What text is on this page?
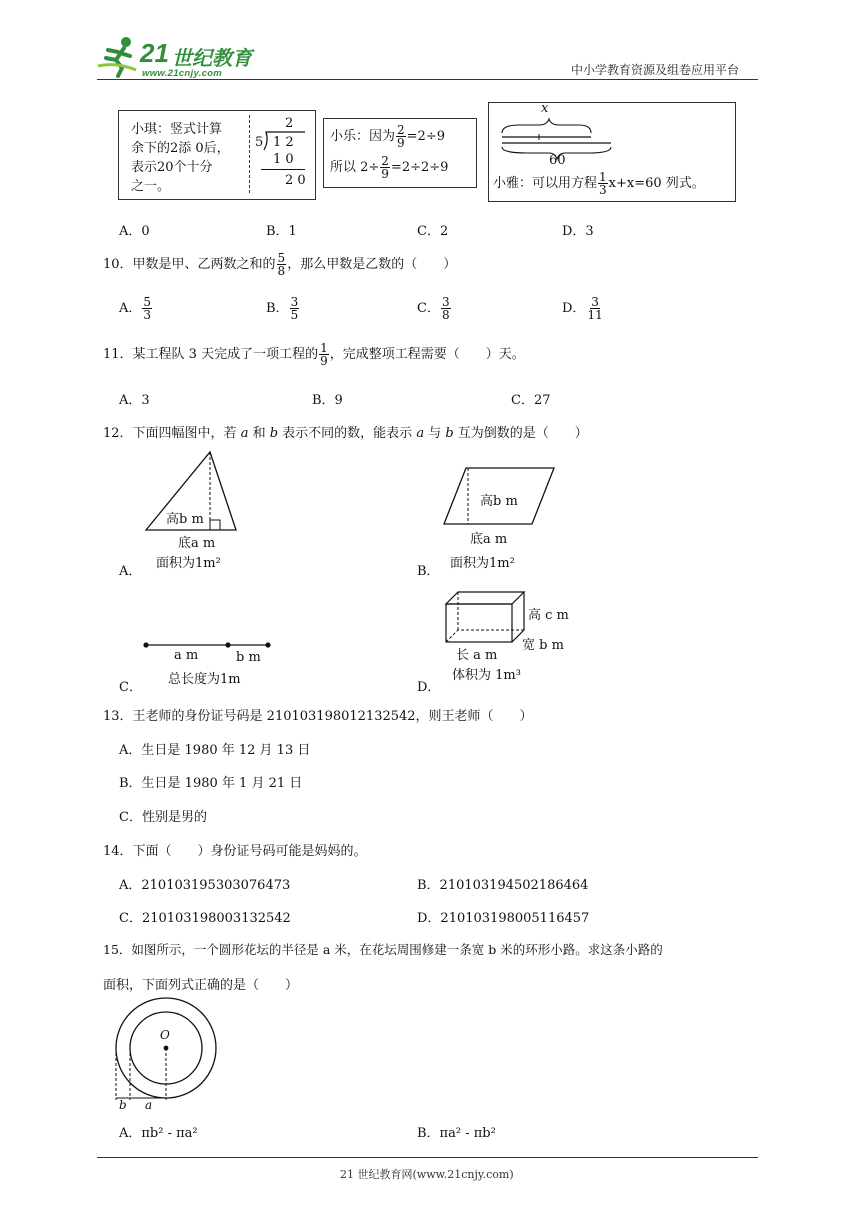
21 世纪教育
www.21cnjy.com	中小学教育资源及组卷应用平台
小琪：竖式计算
余下的2添 0后，
表示20个十分
之一。
2
5 1 2
1 0
2 0
小乐：因为 $\frac{2}{9} =2\div 9$
所以 $2\div \frac{2}{9} =2\div 2\div 9$
x
60
小雅：可以用方程 $\frac{1}{3} x+x=60$ 列式。
A．0	B．1	C．2	D．3
10．甲数是甲、乙两数之和的 $\frac{5}{8}$ ，那么甲数是乙数的（　　）
A． $\frac{5}{3}$	B． $\frac{3}{5}$	C． $\frac{3}{8}$	D． $\frac{3}{11}$
11．某工程队 3 天完成了一项工程的 $\frac{1}{9}$ ，完成整项工程需要（　　）天。
A．3	B．9	C．27
12．下面四幅图中，若 a 和 b 表示不同的数，能表示 a 与 b 互为倒数的是（　　）
高b m
底a m
面积为1m²
A．
高b m
底a m
面积为1m²
B．
a m	b m
总长度为1m
C．
高 c m
宽 b m
长 a m
体积为 1m³
D．
13．王老师的身份证号码是 210103198012132542，则王老师（　　）
A．生日是 1980 年 12 月 13 日
B．生日是 1980 年 1 月 21 日
C．性别是男的
14．下面（　　）身份证号码可能是妈妈的。
A．210103195303076473	B．210103194502186464
C．210103198003132542	D．210103198005116457
15．如图所示，一个圆形花坛的半径是 a 米，在花坛周围修建一条宽 b 米的环形小路。求这条小路的
面积，下面列式正确的是（　　）
O
b a
A．πb² - πa²	B．πa² - πb²
21 世纪教育网(www.21cnjy.com)
